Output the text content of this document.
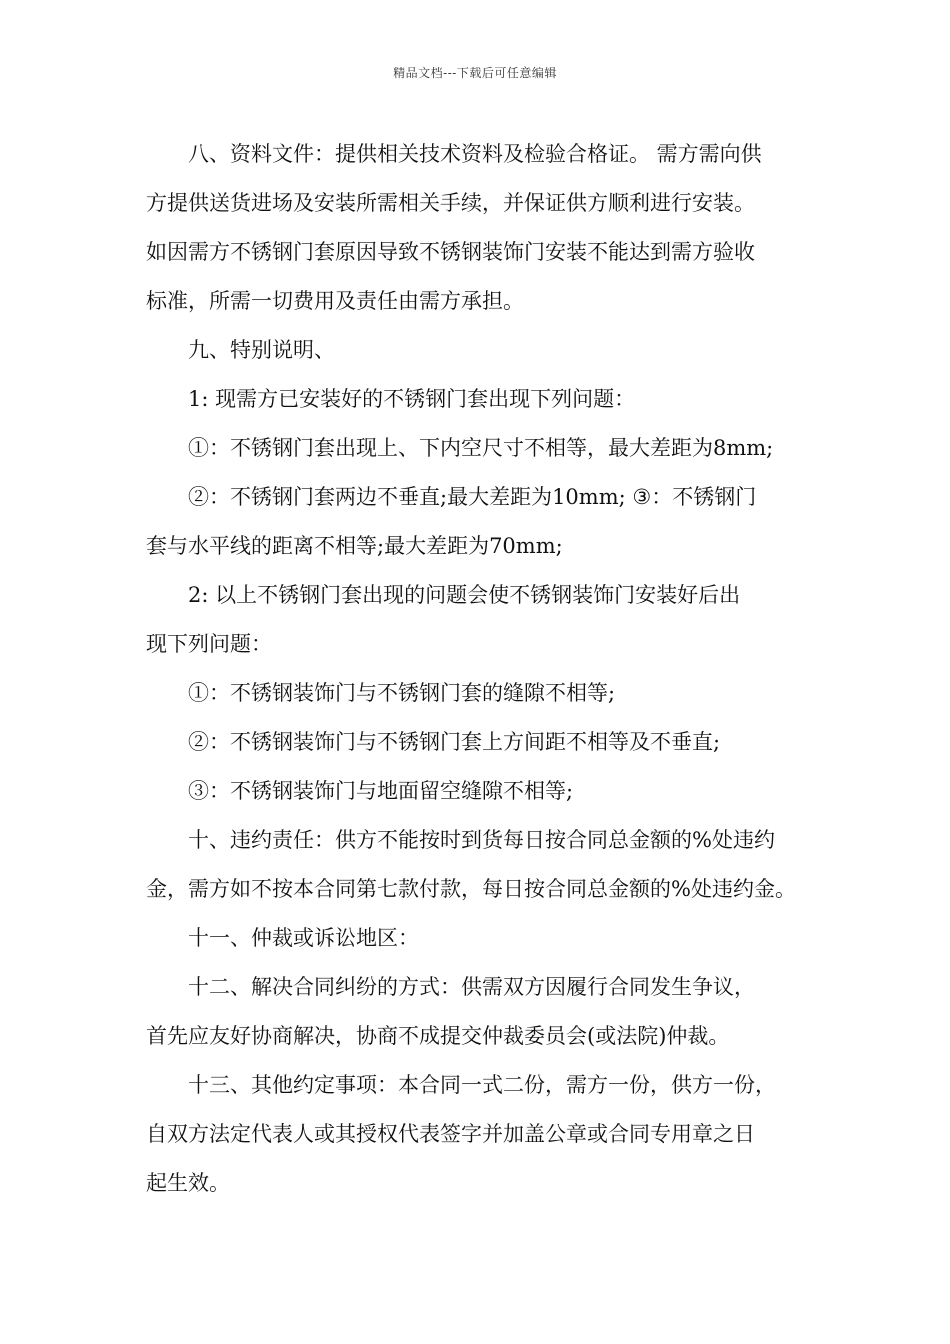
精品文档---下载后可任意编辑
八、资料文件：提供相关技术资料及检验合格证。 需方需向供
方提供送货进场及安装所需相关手续，并保证供方顺利进行安装。
如因需方不锈钢门套原因导致不锈钢装饰门安装不能达到需方验收
标准，所需一切费用及责任由需方承担。
九、特别说明、
1: 现需方已安装好的不锈钢门套出现下列问题：
①：不锈钢门套出现上、下内空尺寸不相等，最大差距为8mm;
②：不锈钢门套两边不垂直;最大差距为10mm; ③：不锈钢门
套与水平线的距离不相等;最大差距为70mm;
2: 以上不锈钢门套出现的问题会使不锈钢装饰门安装好后出
现下列问题：
①：不锈钢装饰门与不锈钢门套的缝隙不相等;
②：不锈钢装饰门与不锈钢门套上方间距不相等及不垂直;
③：不锈钢装饰门与地面留空缝隙不相等;
十、违约责任：供方不能按时到货每日按合同总金额的%处违约
金，需方如不按本合同第七款付款，每日按合同总金额的%处违约金。
十一、仲裁或诉讼地区：
十二、解决合同纠纷的方式：供需双方因履行合同发生争议，
首先应友好协商解决，协商不成提交仲裁委员会(或法院)仲裁。
十三、其他约定事项：本合同一式二份，需方一份，供方一份，
自双方法定代表人或其授权代表签字并加盖公章或合同专用章之日
起生效。
